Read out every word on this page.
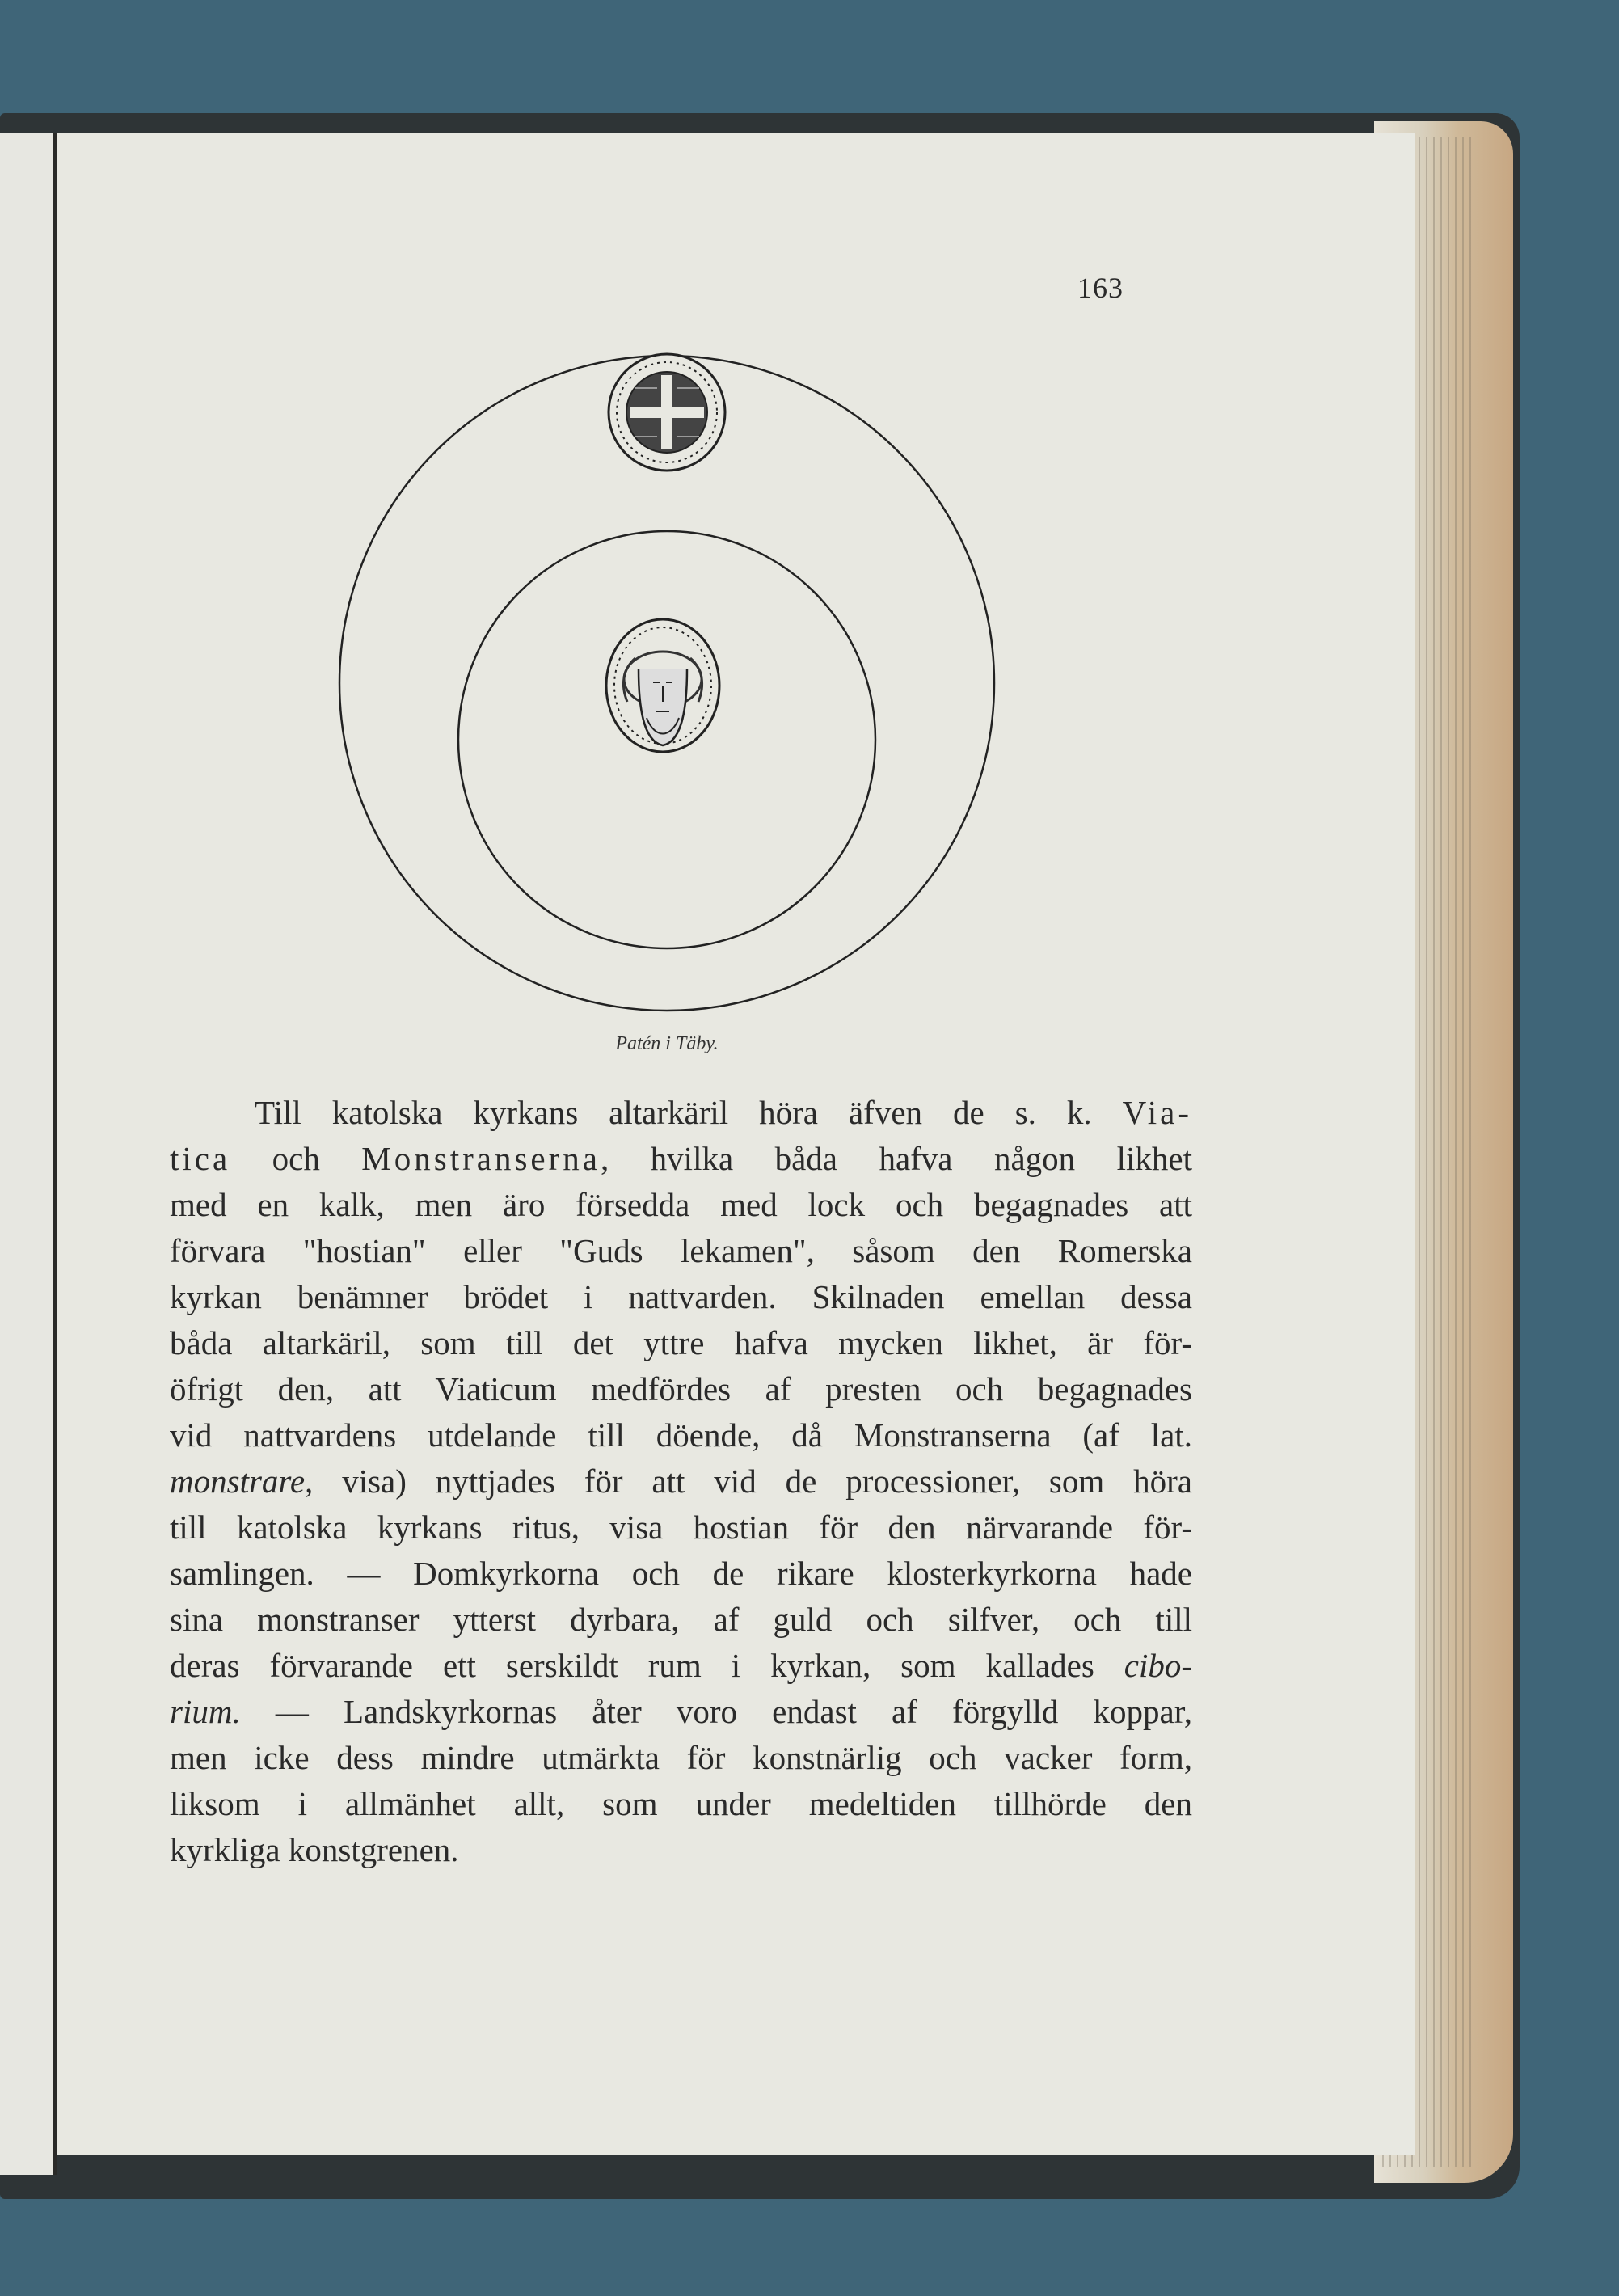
163
Patén i Täby.
Till katolska kyrkans altarkäril höra äfven de s. k. Via-
tica och Monstranserna, hvilka båda hafva någon likhet
med en kalk, men äro försedda med lock och begagnades att
förvara "hostian" eller "Guds lekamen", såsom den Romerska
kyrkan benämner brödet i nattvarden. Skilnaden emellan dessa
båda altarkäril, som till det yttre hafva mycken likhet, är för-
öfrigt den, att Viaticum medfördes af presten och begagnades
vid nattvardens utdelande till döende, då Monstranserna (af lat.
monstrare, visa) nyttjades för att vid de processioner, som höra
till katolska kyrkans ritus, visa hostian för den närvarande för-
samlingen. — Domkyrkorna och de rikare klosterkyrkorna hade
sina monstranser ytterst dyrbara, af guld och silfver, och till
deras förvarande ett serskildt rum i kyrkan, som kallades cibo-
rium. — Landskyrkornas åter voro endast af förgylld koppar,
men icke dess mindre utmärkta för konstnärlig och vacker form,
liksom i allmänhet allt, som under medeltiden tillhörde den
kyrkliga konstgrenen.
